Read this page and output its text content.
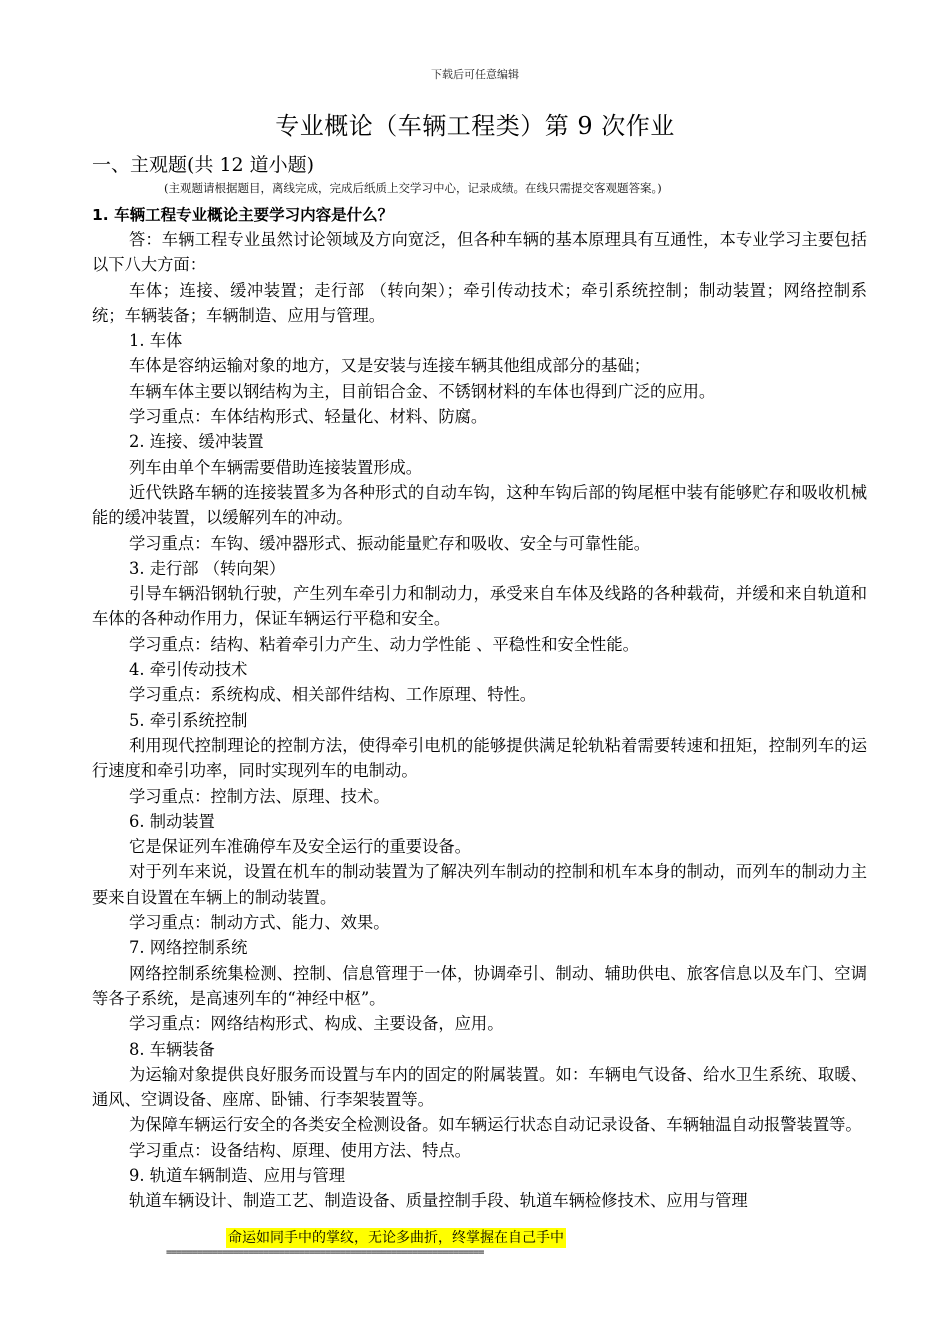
下载后可任意编辑
专业概论（车辆工程类）第 9 次作业
一、主观题(共 12 道小题)
(主观题请根据题目，离线完成，完成后纸质上交学习中心，记录成绩。在线只需提交客观题答案。)
1. 车辆工程专业概论主要学习内容是什么？

答：车辆工程专业虽然讨论领域及方向宽泛，但各种车辆的基本原理具有互通性，本专业学习主要包括以下八大方面：

车体；连接、缓冲装置；走行部 （转向架）；牵引传动技术；牵引系统控制；制动装置；网络控制系统；车辆装备；车辆制造、应用与管理。

1. 车体

车体是容纳运输对象的地方，又是安装与连接车辆其他组成部分的基础；

车辆车体主要以钢结构为主，目前铝合金、不锈钢材料的车体也得到广泛的应用。

学习重点：车体结构形式、轻量化、材料、防腐。

2. 连接、缓冲装置

列车由单个车辆需要借助连接装置形成。

近代铁路车辆的连接装置多为各种形式的自动车钩，这种车钩后部的钩尾框中装有能够贮存和吸收机械能的缓冲装置，以缓解列车的冲动。

学习重点：车钩、缓冲器形式、振动能量贮存和吸收、安全与可靠性能。

3. 走行部 （转向架）

引导车辆沿钢轨行驶，产生列车牵引力和制动力，承受来自车体及线路的各种载荷，并缓和来自轨道和车体的各种动作用力，保证车辆运行平稳和安全。

学习重点：结构、粘着牵引力产生、动力学性能 、平稳性和安全性能。

4. 牵引传动技术

学习重点：系统构成、相关部件结构、工作原理、特性。

5. 牵引系统控制

利用现代控制理论的控制方法，使得牵引电机的能够提供满足轮轨粘着需要转速和扭矩，控制列车的运行速度和牵引功率，同时实现列车的电制动。

学习重点：控制方法、原理、技术。

6. 制动装置

它是保证列车准确停车及安全运行的重要设备。

对于列车来说，设置在机车的制动装置为了解决列车制动的控制和机车本身的制动，而列车的制动力主要来自设置在车辆上的制动装置。

学习重点：制动方式、能力、效果。

7. 网络控制系统

网络控制系统集检测、控制、信息管理于一体，协调牵引、制动、辅助供电、旅客信息以及车门、空调等各子系统，是高速列车的“神经中枢”。

学习重点：网络结构形式、构成、主要设备，应用。

8. 车辆装备

为运输对象提供良好服务而设置与车内的固定的附属装置。如：车辆电气设备、给水卫生系统、取暖、通风、空调设备、座席、卧铺、行李架装置等。

为保障车辆运行安全的各类安全检测设备。如车辆运行状态自动记录设备、车辆轴温自动报警装置等。

学习重点：设备结构、原理、使用方法、特点。

9. 轨道车辆制造、应用与管理

轨道车辆设计、制造工艺、制造设备、质量控制手段、轨道车辆检修技术、应用与管理

命运如同手中的掌纹，无论多曲折，终掌握在自己手中
==============================================================
